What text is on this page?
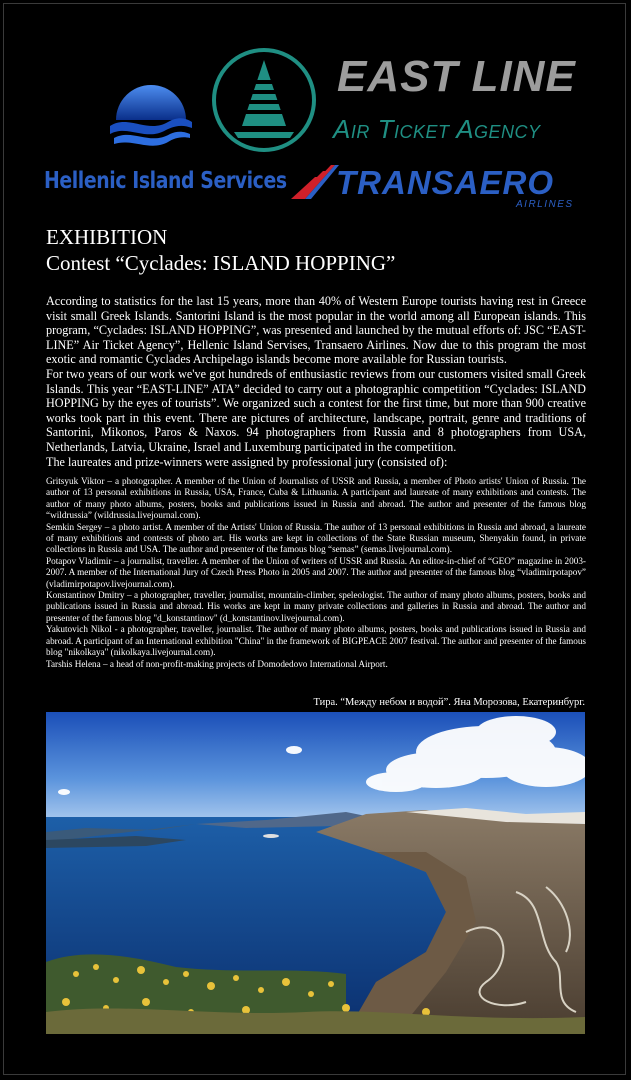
Hellenic Island Services
EAST LINE
Air Ticket Agency
TRANSAERO
AIRLINES
EXHIBITION
Contest “Cyclades: ISLAND HOPPING”

According to statistics for the last 15 years, more than 40% of Western Europe tourists having rest in Greece visit small Greek Islands. Santorini Island is the most popular in the world among all European islands. This program, “Cyclades: ISLAND HOPPING”, was presented and launched by the mutual efforts of: JSC “EAST-LINE” Air Ticket Agency”, Hellenic Island Servises, Transaero Airlines. Now due to this program the most exotic and romantic Cyclades Archipelago islands become more available for Russian tourists.

For two years of our work we've got hundreds of enthusiastic reviews from our customers visited small Greek Islands. This year “EAST-LINE” ATA” decided to carry out a photographic competition “Cyclades: ISLAND HOPPING by the eyes of tourists”. We organized such a contest for the first time, but more than 900 creative works took part in this event. There are pictures of architecture, landscape, portrait, genre and traditions of Santorini, Mikonos, Paros & Naxos. 94 photographers from Russia and 8 photographers from USA, Netherlands, Latvia, Ukraine, Israel and Luxemburg participated in the competition.

The laureates and prize-winners were assigned by professional jury (consisted of):

Gritsyuk Viktor – a photographer. A member of the Union of Journalists of USSR and Russia, a member of Photo artists' Union of Russia. The author of 13 personal exhibitions in Russia, USA, France, Cuba & Lithuania. A participant and laureate of many exhibitions and contests. The author of many photo albums, posters, books and publications issued in Russia and abroad. The author and presenter of the famous blog “wildrussia” (wildrussia.livejournal.com).

Semkin Sergey – a photo artist. A member of the Artists' Union of Russia. The author of 13 personal exhibitions in Russia and abroad, a laureate of many exhibitions and contests of photo art. His works are kept in collections of the State Russian museum, Shenyakin found, in private collections in Russia and USA. The author and presenter of the famous blog “semas” (semas.livejournal.com).

Potapov Vladimir – a journalist, traveller. A member of the Union of writers of USSR and Russia. An editor-in-chief of “GEO” magazine in 2003-2007. A member of the International Jury of Czech Press Photo in 2005 and 2007. The author and presenter of the famous blog “vladimirpotapov” (vladimirpotapov.livejournal.com).

Konstantinov Dmitry – a photographer, traveller, journalist, mountain-climber, speleologist. The author of many photo albums, posters, books and publications issued in Russia and abroad. His works are kept in many private collections and galleries in Russia and abroad. The author and presenter of the famous blog "d_konstantinov" (d_konstantinov.livejournal.com).

Yakutovich Nikol - a photographer, traveller, journalist. The author of many photo albums, posters, books and publications issued in Russia and abroad. A participant of an International exhibition "China" in the framework of BIGPEACE 2007 festival. The author and presenter of the famous blog "nikolkaya" (nikolkaya.livejournal.com).

Tarshis Helena – a head of non-profit-making projects of Domodedovo International Airport.

Тира. “Между небом и водой”. Яна Морозова, Екатеринбург.
